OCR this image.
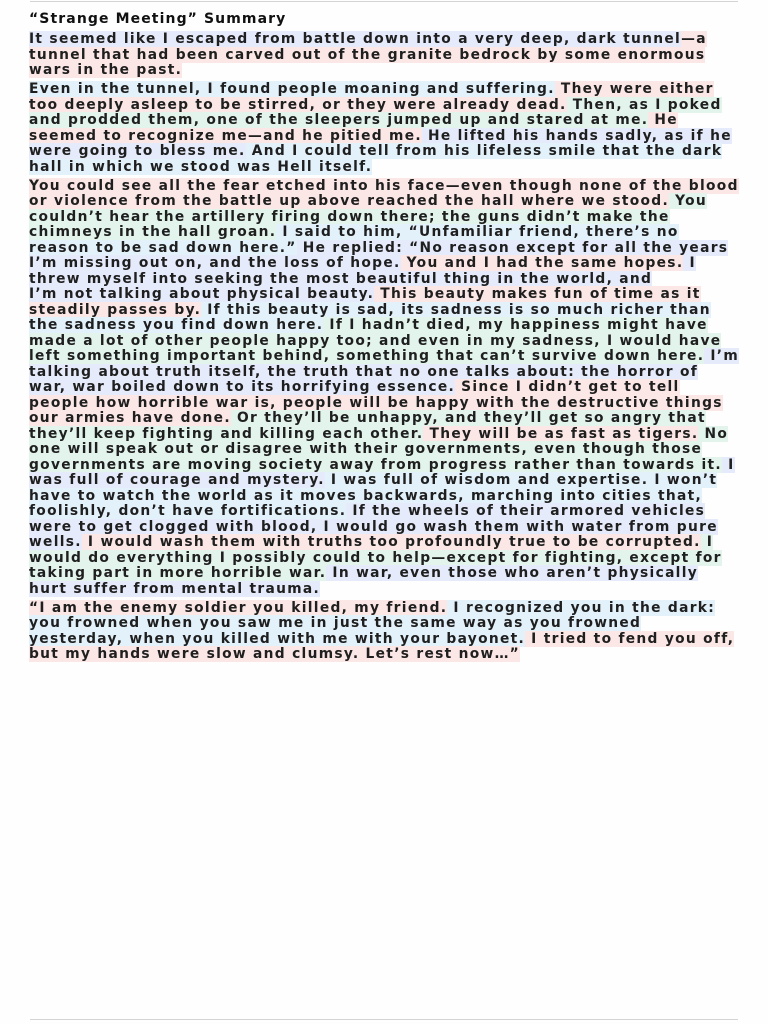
“Strange Meeting” Summary

It seemed like I escaped from battle down into a very deep, dark tunnel—a tunnel that had been carved out of the granite bedrock by some enormous wars in the past.

Even in the tunnel, I found people moaning and suffering. They were either too deeply asleep to be stirred, or they were already dead. Then, as I poked and prodded them, one of the sleepers jumped up and stared at me. He seemed to recognize me—and he pitied me. He lifted his hands sadly, as if he were going to bless me. And I could tell from his lifeless smile that the dark hall in which we stood was Hell itself.

You could see all the fear etched into his face—even though none of the blood or violence from the battle up above reached the hall where we stood. You couldn’t hear the artillery firing down there; the guns didn’t make the chimneys in the hall groan. I said to him, “Unfamiliar friend, there’s no reason to be sad down here.” He replied: “No reason except for all the years I’m missing out on, and the loss of hope. You and I had the same hopes. I threw myself into seeking the most beautiful thing in the world, and
I’m not talking about physical beauty. This beauty makes fun of time as it steadily passes by. If this beauty is sad, its sadness is so much richer than the sadness you find down here. If I hadn’t died, my happiness might have made a lot of other people happy too; and even in my sadness, I would have left something important behind, something that can’t survive down here. I’m talking about truth itself, the truth that no one talks about: the horror of war, war boiled down to its horrifying essence. Since I didn’t get to tell people how horrible war is, people will be happy with the destructive things our armies have done. Or they’ll be unhappy, and they’ll get so angry that they’ll keep fighting and killing each other. They will be as fast as tigers. No one will speak out or disagree with their governments, even though those governments are moving society away from progress rather than towards it. I was full of courage and mystery. I was full of wisdom and expertise. I won’t have to watch the world as it moves backwards, marching into cities that, foolishly, don’t have fortifications. If the wheels of their armored vehicles were to get clogged with blood, I would go wash them with water from pure wells. I would wash them with truths too profoundly true to be corrupted. I would do everything I possibly could to help—except for fighting, except for taking part in more horrible war. In war, even those who aren’t physically hurt suffer from mental trauma.

“I am the enemy soldier you killed, my friend. I recognized you in the dark: you frowned when you saw me in just the same way as you frowned yesterday, when you killed with me with your bayonet. I tried to fend you off, but my hands were slow and clumsy. Let’s rest now…”
